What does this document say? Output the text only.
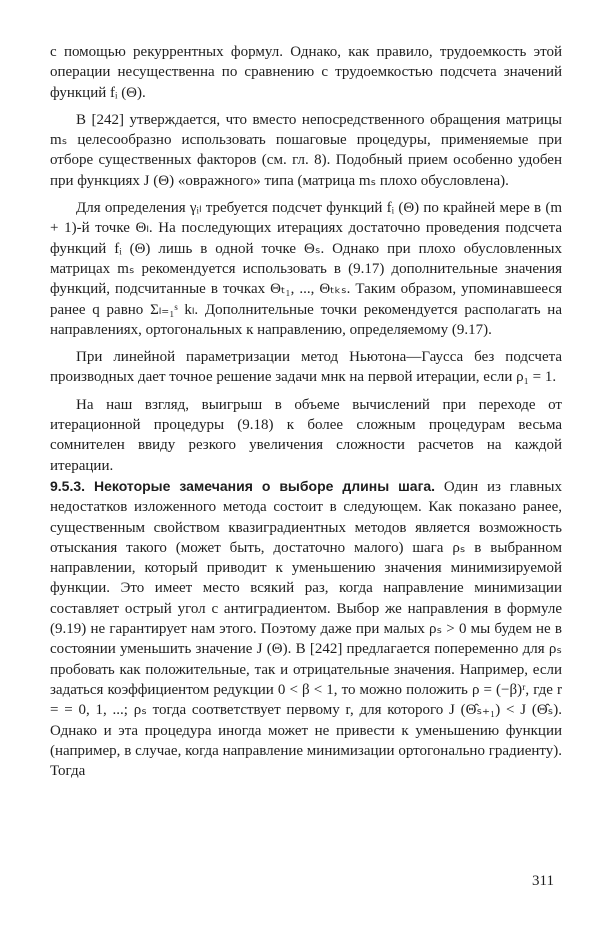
с помощью рекуррентных формул. Однако, как правило, трудоемкость этой операции несущественна по сравнению с трудоемкостью подсчета значений функций fᵢ (Θ).

В [242] утверждается, что вместо непосредственного обращения матрицы mₛ целесообразно использовать пошаговые процедуры, применяемые при отборе существенных факторов (см. гл. 8). Подобный прием особенно удобен при функциях J (Θ) «овражного» типа (матрица mₛ плохо обусловлена).

Для определения γᵢₗ требуется подсчет функций fᵢ (Θ) по крайней мере в (m + 1)-й точке Θₗ. На последующих итерациях достаточно проведения подсчета функций fᵢ (Θ) лишь в одной точке Θₛ. Однако при плохо обусловленных матрицах mₛ рекомендуется использовать в (9.17) дополнительные значения функций, подсчитанные в точках Θₜ₁, ..., Θₜₖₛ. Таким образом, упоминавшееся ранее q равно Σₗ₌₁ˢ kₗ. Дополнительные точки рекомендуется располагать на направлениях, ортогональных к направлению, определяемому (9.17).

При линейной параметризации метод Ньютона—Гаусса без подсчета производных дает точное решение задачи мнк на первой итерации, если ρ₁ = 1.

На наш взгляд, выигрыш в объеме вычислений при переходе от итерационной процедуры (9.18) к более сложным процедурам весьма сомнителен ввиду резкого увеличения сложности расчетов на каждой итерации.

9.5.3. Некоторые замечания о выборе длины шага. Один из главных недостатков изложенного метода состоит в следующем. Как показано ранее, существенным свойством квазиградиентных методов является возможность отыскания такого (может быть, достаточно малого) шага ρₛ в выбранном направлении, который приводит к уменьшению значения минимизируемой функции. Это имеет место всякий раз, когда направление минимизации составляет острый угол с антиградиентом. Выбор же направления в формуле (9.19) не гарантирует нам этого. Поэтому даже при малых ρₛ > 0 мы будем не в состоянии уменьшить значение J (Θ). В [242] предлагается попеременно для ρₛ пробовать как положительные, так и отрицательные значения. Например, если задаться коэффициентом редукции 0 < β < 1, то можно положить ρ = (−β)ʳ, где r = = 0, 1, ...; ρₛ тогда соответствует первому r, для которого J (Θ̂ₛ₊₁) < J (Θ̂ₛ). Однако и эта процедура иногда может не привести к уменьшению функции (например, в случае, когда направление минимизации ортогонально градиенту). Тогда

311
